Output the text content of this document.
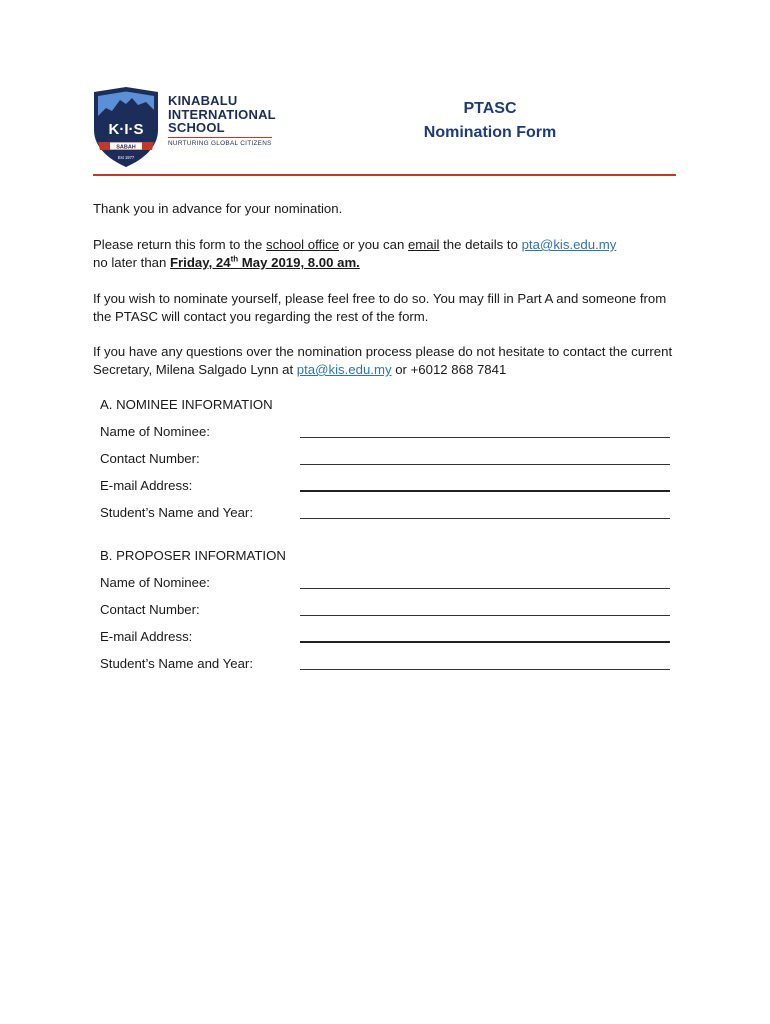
K·I·S
SABAH
Est 1977
KINABALU
INTERNATIONAL
SCHOOL
NURTURING GLOBAL CITIZENS
PTASC
Nomination Form
Thank you in advance for your nomination.
Please return this form to the school office or you can email the details to pta@kis.edu.my
no later than Friday, 24th May 2019, 8.00 am.
If you wish to nominate yourself, please feel free to do so. You may fill in Part A and someone from the PTASC will contact you regarding the rest of the form.
If you have any questions over the nomination process please do not hesitate to contact the current Secretary, Milena Salgado Lynn at pta@kis.edu.my or +6012 868 7841
A. NOMINEE INFORMATION
Name of Nominee:
Contact Number:
E-mail Address:
Student’s Name and Year:
B. PROPOSER INFORMATION
Name of Nominee:
Contact Number:
E-mail Address:
Student’s Name and Year:
